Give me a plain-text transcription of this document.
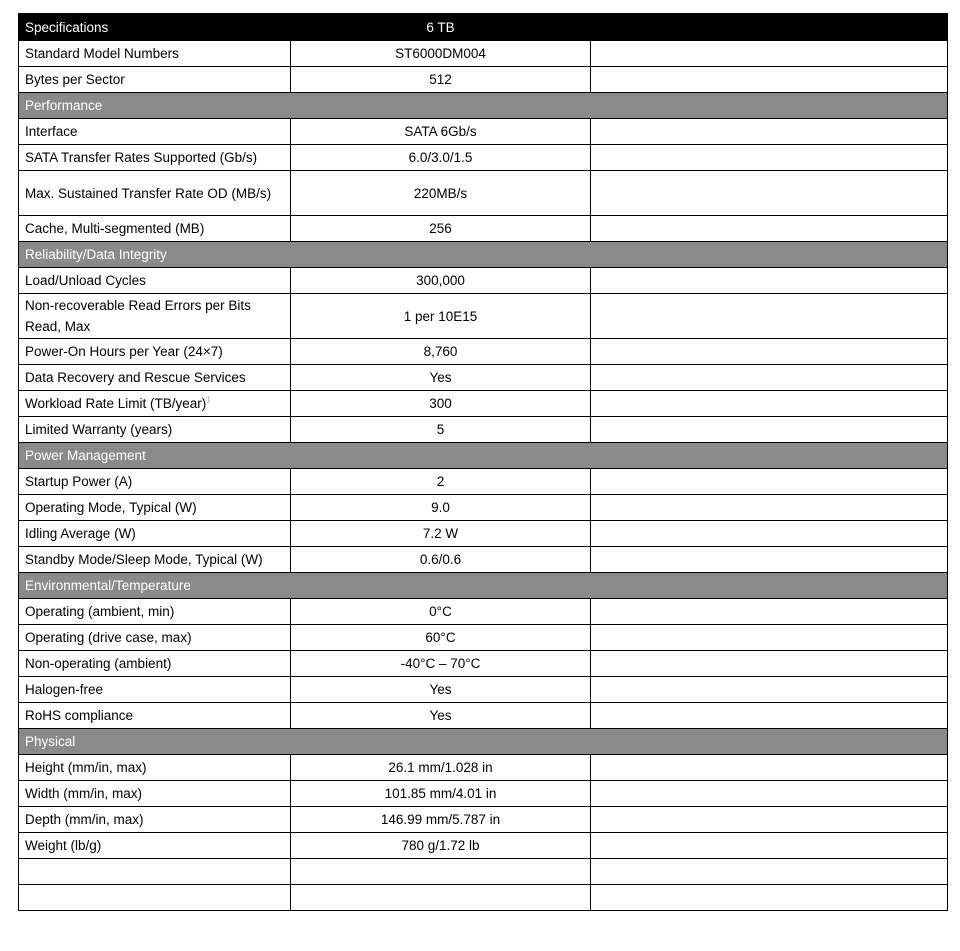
Specifications	6 TB	
Standard Model Numbers	ST6000DM004	
Bytes per Sector	512	
Performance		
Interface	SATA 6Gb/s	
SATA Transfer Rates Supported (Gb/s)	6.0/3.0/1.5	
Max. Sustained Transfer Rate OD (MB/s)	220MB/s	
Cache, Multi-segmented (MB)	256	
Reliability/Data Integrity		
Load/Unload Cycles	300,000	
Non-recoverable Read Errors per Bits Read, Max	1 per 10E15	
Power-On Hours per Year (24×7)	8,760	
Data Recovery and Rescue Services	Yes	
Workload Rate Limit (TB/year)$^1$	300	
Limited Warranty (years)	5	
Power Management		
Startup Power (A)	2	
Operating Mode, Typical (W)	9.0	
Idling Average (W)	7.2 W	
Standby Mode/Sleep Mode, Typical (W)	0.6/0.6	
Environmental/Temperature		
Operating (ambient, min)	0°C	
Operating (drive case, max)	60°C	
Non-operating (ambient)	-40°C – 70°C	
Halogen-free	Yes	
RoHS compliance	Yes	
Physical		
Height (mm/in, max)	26.1 mm/1.028 in	
Width (mm/in, max)	101.85 mm/4.01 in	
Depth (mm/in, max)	146.99 mm/5.787 in	
Weight (lb/g)	780 g/1.72 lb	
